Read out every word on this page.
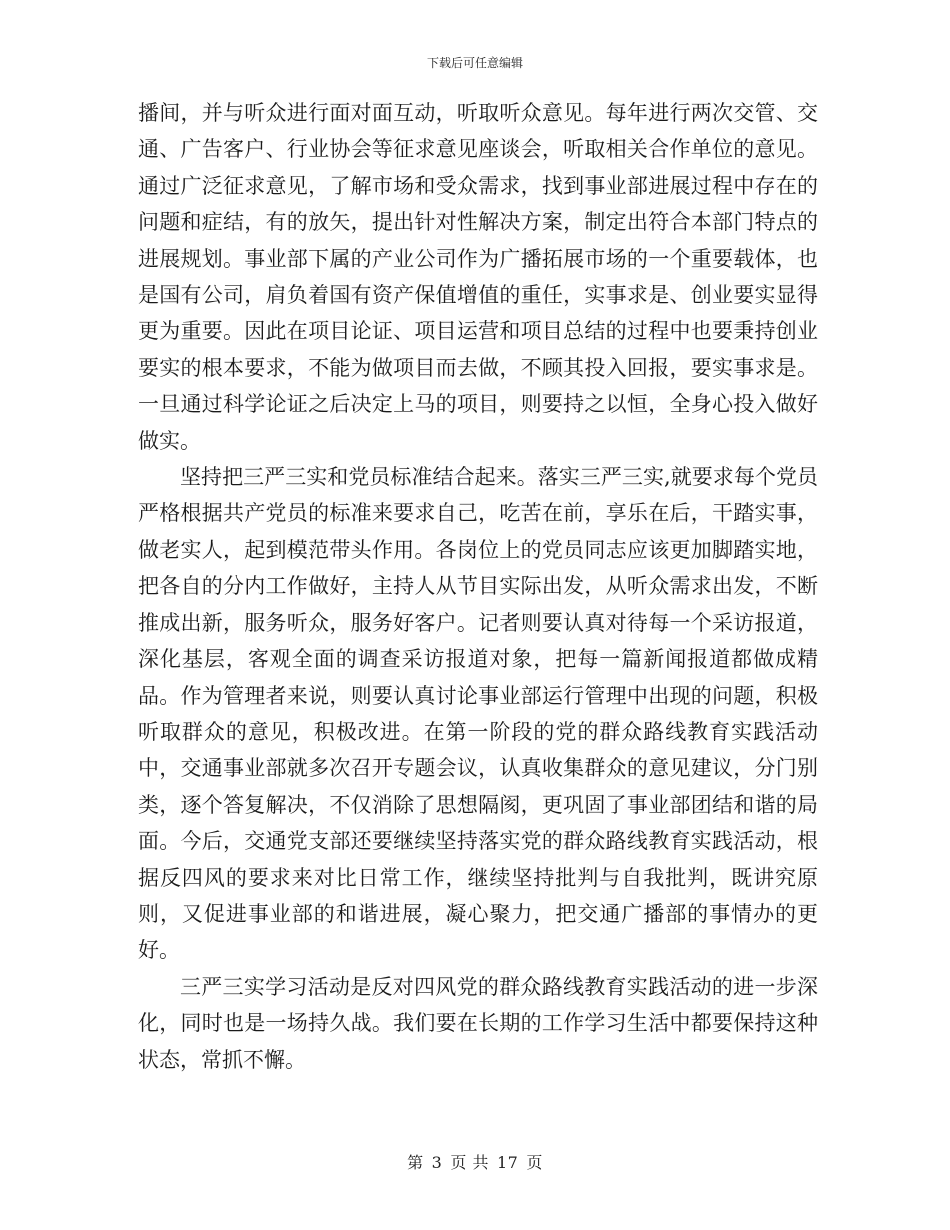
下载后可任意编辑

播间，并与听众进行面对面互动，听取听众意见。每年进行两次交管、交通、广告客户、行业协会等征求意见座谈会，听取相关合作单位的意见。通过广泛征求意见，了解市场和受众需求，找到事业部进展过程中存在的问题和症结，有的放矢，提出针对性解决方案，制定出符合本部门特点的进展规划。事业部下属的产业公司作为广播拓展市场的一个重要载体，也是国有公司，肩负着国有资产保值增值的重任，实事求是、创业要实显得更为重要。因此在项目论证、项目运营和项目总结的过程中也要秉持创业要实的根本要求，不能为做项目而去做，不顾其投入回报，要实事求是。一旦通过科学论证之后决定上马的项目，则要持之以恒，全身心投入做好做实。

坚持把三严三实和党员标准结合起来。落实三严三实,就要求每个党员严格根据共产党员的标准来要求自己，吃苦在前，享乐在后，干踏实事，做老实人，起到模范带头作用。各岗位上的党员同志应该更加脚踏实地，把各自的分内工作做好，主持人从节目实际出发，从听众需求出发，不断推成出新，服务听众，服务好客户。记者则要认真对待每一个采访报道，深化基层，客观全面的调查采访报道对象，把每一篇新闻报道都做成精品。作为管理者来说，则要认真讨论事业部运行管理中出现的问题，积极听取群众的意见，积极改进。在第一阶段的党的群众路线教育实践活动中，交通事业部就多次召开专题会议，认真收集群众的意见建议，分门别类，逐个答复解决，不仅消除了思想隔阂，更巩固了事业部团结和谐的局面。今后，交通党支部还要继续坚持落实党的群众路线教育实践活动，根据反四风的要求来对比日常工作，继续坚持批判与自我批判，既讲究原则，又促进事业部的和谐进展，凝心聚力，把交通广播部的事情办的更好。

三严三实学习活动是反对四风党的群众路线教育实践活动的进一步深化，同时也是一场持久战。我们要在长期的工作学习生活中都要保持这种状态，常抓不懈。

第 3 页 共 17 页
